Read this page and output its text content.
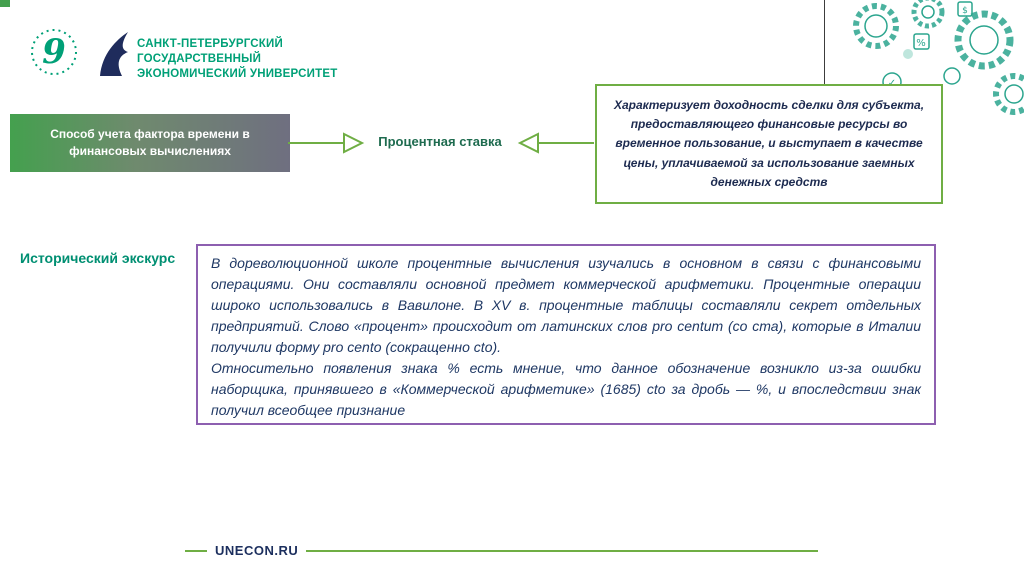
9	САНКТ-ПЕТЕРБУРГСКИЙ
ГОСУДАРСТВЕННЫЙ
ЭКОНОМИЧЕСКИЙ УНИВЕРСИТЕТ
%
$
Способ учета фактора времени в финансовых вычислениях
Процентная ставка
Характеризует доходность сделки для субъекта, предоставляющего финансовые ресурсы во временное пользование, и выступает в качестве цены, уплачиваемой за использование заемных денежных средств
Исторический экскурс	В дореволюционной школе процентные вычисления изучались в основном в связи с финансовыми операциями. Они составляли основной предмет коммерческой арифметики. Процентные операции широко использовались в Вавилоне. В XV в. процентные таблицы составляли секрет отдельных предприятий. Слово «процент» происходит от латинских слов pro centum (со ста), которые в Италии получили форму pro cento (сокращенно cto).

Относительно появления знака % есть мнение, что данное обозначение возникло из-за ошибки наборщика, принявшего в «Коммерческой арифметике» (1685) cto за дробь — %, и впоследствии знак получил всеобщее признание

UNECON.RU
